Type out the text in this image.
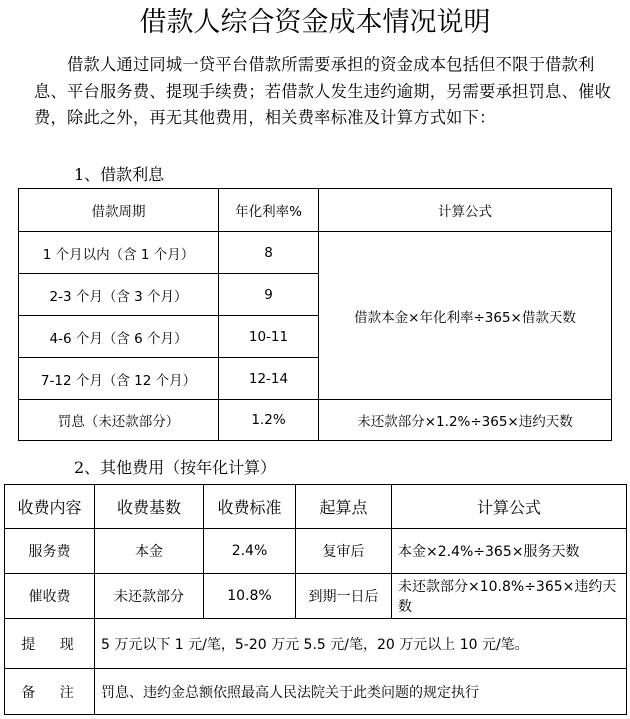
借款人综合资金成本情况说明
借款人通过同城一贷平台借款所需要承担的资金成本包括但不限于借款利息、平台服务费、提现手续费；若借款人发生违约逾期，另需要承担罚息、催收费，除此之外，再无其他费用，相关费率标准及计算方式如下：
1、借款利息
借款周期	年化利率%	计算公式
1 个月以内（含 1 个月）	8	借款本金×年化利率÷365×借款天数
2-3 个月（含 3 个月）	9	
4-6 个月（含 6 个月）	10-11	
7-12 个月（含 12 个月）	12-14	
罚息（未还款部分）	1.2%	未还款部分×1.2%÷365×违约天数
2、其他费用（按年化计算）
收费内容	收费基数	收费标准	起算点	计算公式
服务费	本金	2.4%	复审后	本金×2.4%÷365×服务天数
催收费	未还款部分	10.8%	到期一日后	未还款部分×10.8%÷365×违约天数
提 现	5 万元以下 1 元/笔，5-20 万元 5.5 元/笔，20 万元以上 10 元/笔。			
备 注	罚息、违约金总额依照最高人民法院关于此类问题的规定执行			
